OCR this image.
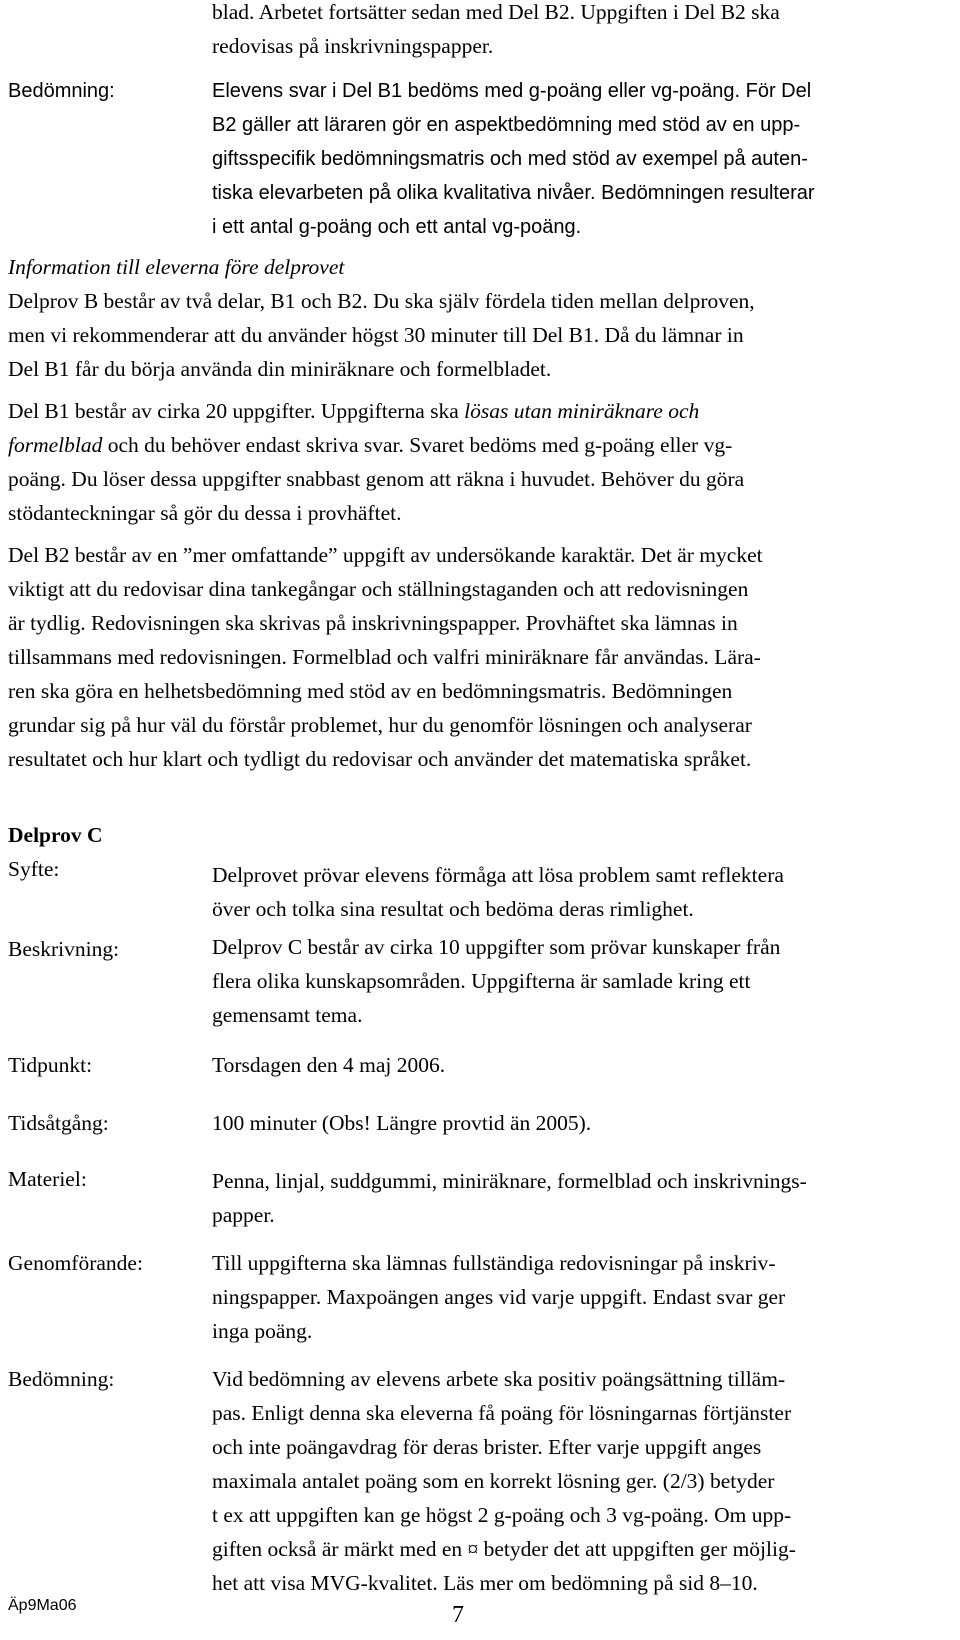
blad. Arbetet fortsätter sedan med Del B2. Uppgiften i Del B2 ska
redovisas på inskrivningspapper.
Bedömning:	Elevens svar i Del B1 bedöms med g-poäng eller vg-poäng. För Del
B2 gäller att läraren gör en aspektbedömning med stöd av en upp-
giftsspecifik bedömningsmatris och med stöd av exempel på auten-
tiska elevarbeten på olika kvalitativa nivåer. Bedömningen resulterar
i ett antal g-poäng och ett antal vg-poäng.
Information till eleverna före delprovet
Delprov B består av två delar, B1 och B2. Du ska själv fördela tiden mellan delproven,
men vi rekommenderar att du använder högst 30 minuter till Del B1. Då du lämnar in
Del B1 får du börja använda din miniräknare och formelbladet.
Del B1 består av cirka 20 uppgifter. Uppgifterna ska lösas utan miniräknare och
formelblad och du behöver endast skriva svar. Svaret bedöms med g-poäng eller vg-
poäng. Du löser dessa uppgifter snabbast genom att räkna i huvudet. Behöver du göra
stödanteckningar så gör du dessa i provhäftet.
Del B2 består av en ”mer omfattande” uppgift av undersökande karaktär. Det är mycket
viktigt att du redovisar dina tankegångar och ställningstaganden och att redovisningen
är tydlig. Redovisningen ska skrivas på inskrivningspapper. Provhäftet ska lämnas in
tillsammans med redovisningen. Formelblad och valfri miniräknare får användas. Lära-
ren ska göra en helhetsbedömning med stöd av en bedömningsmatris. Bedömningen
grundar sig på hur väl du förstår problemet, hur du genomför lösningen och analyserar
resultatet och hur klart och tydligt du redovisar och använder det matematiska språket.
Delprov C
Syfte:	Delprovet prövar elevens förmåga att lösa problem samt reflektera
över och tolka sina resultat och bedöma deras rimlighet.
Beskrivning:	Delprov C består av cirka 10 uppgifter som prövar kunskaper från
flera olika kunskapsområden. Uppgifterna är samlade kring ett
gemensamt tema.
Tidpunkt:	Torsdagen den 4 maj 2006.
Tidsåtgång:	100 minuter (Obs! Längre provtid än 2005).
Materiel:	Penna, linjal, suddgummi, miniräknare, formelblad och inskrivnings-
papper.
Genomförande:	Till uppgifterna ska lämnas fullständiga redovisningar på inskriv-
ningspapper. Maxpoängen anges vid varje uppgift. Endast svar ger
inga poäng.
Bedömning:	Vid bedömning av elevens arbete ska positiv poängsättning tilläm-
pas. Enligt denna ska eleverna få poäng för lösningarnas förtjänster
och inte poängavdrag för deras brister. Efter varje uppgift anges
maximala antalet poäng som en korrekt lösning ger. (2/3) betyder
t ex att uppgiften kan ge högst 2 g-poäng och 3 vg-poäng. Om upp-
giften också är märkt med en ¤ betyder det att uppgiften ger möjlig-
het att visa MVG-kvalitet. Läs mer om bedömning på sid 8–10.
Äp9Ma06	7
